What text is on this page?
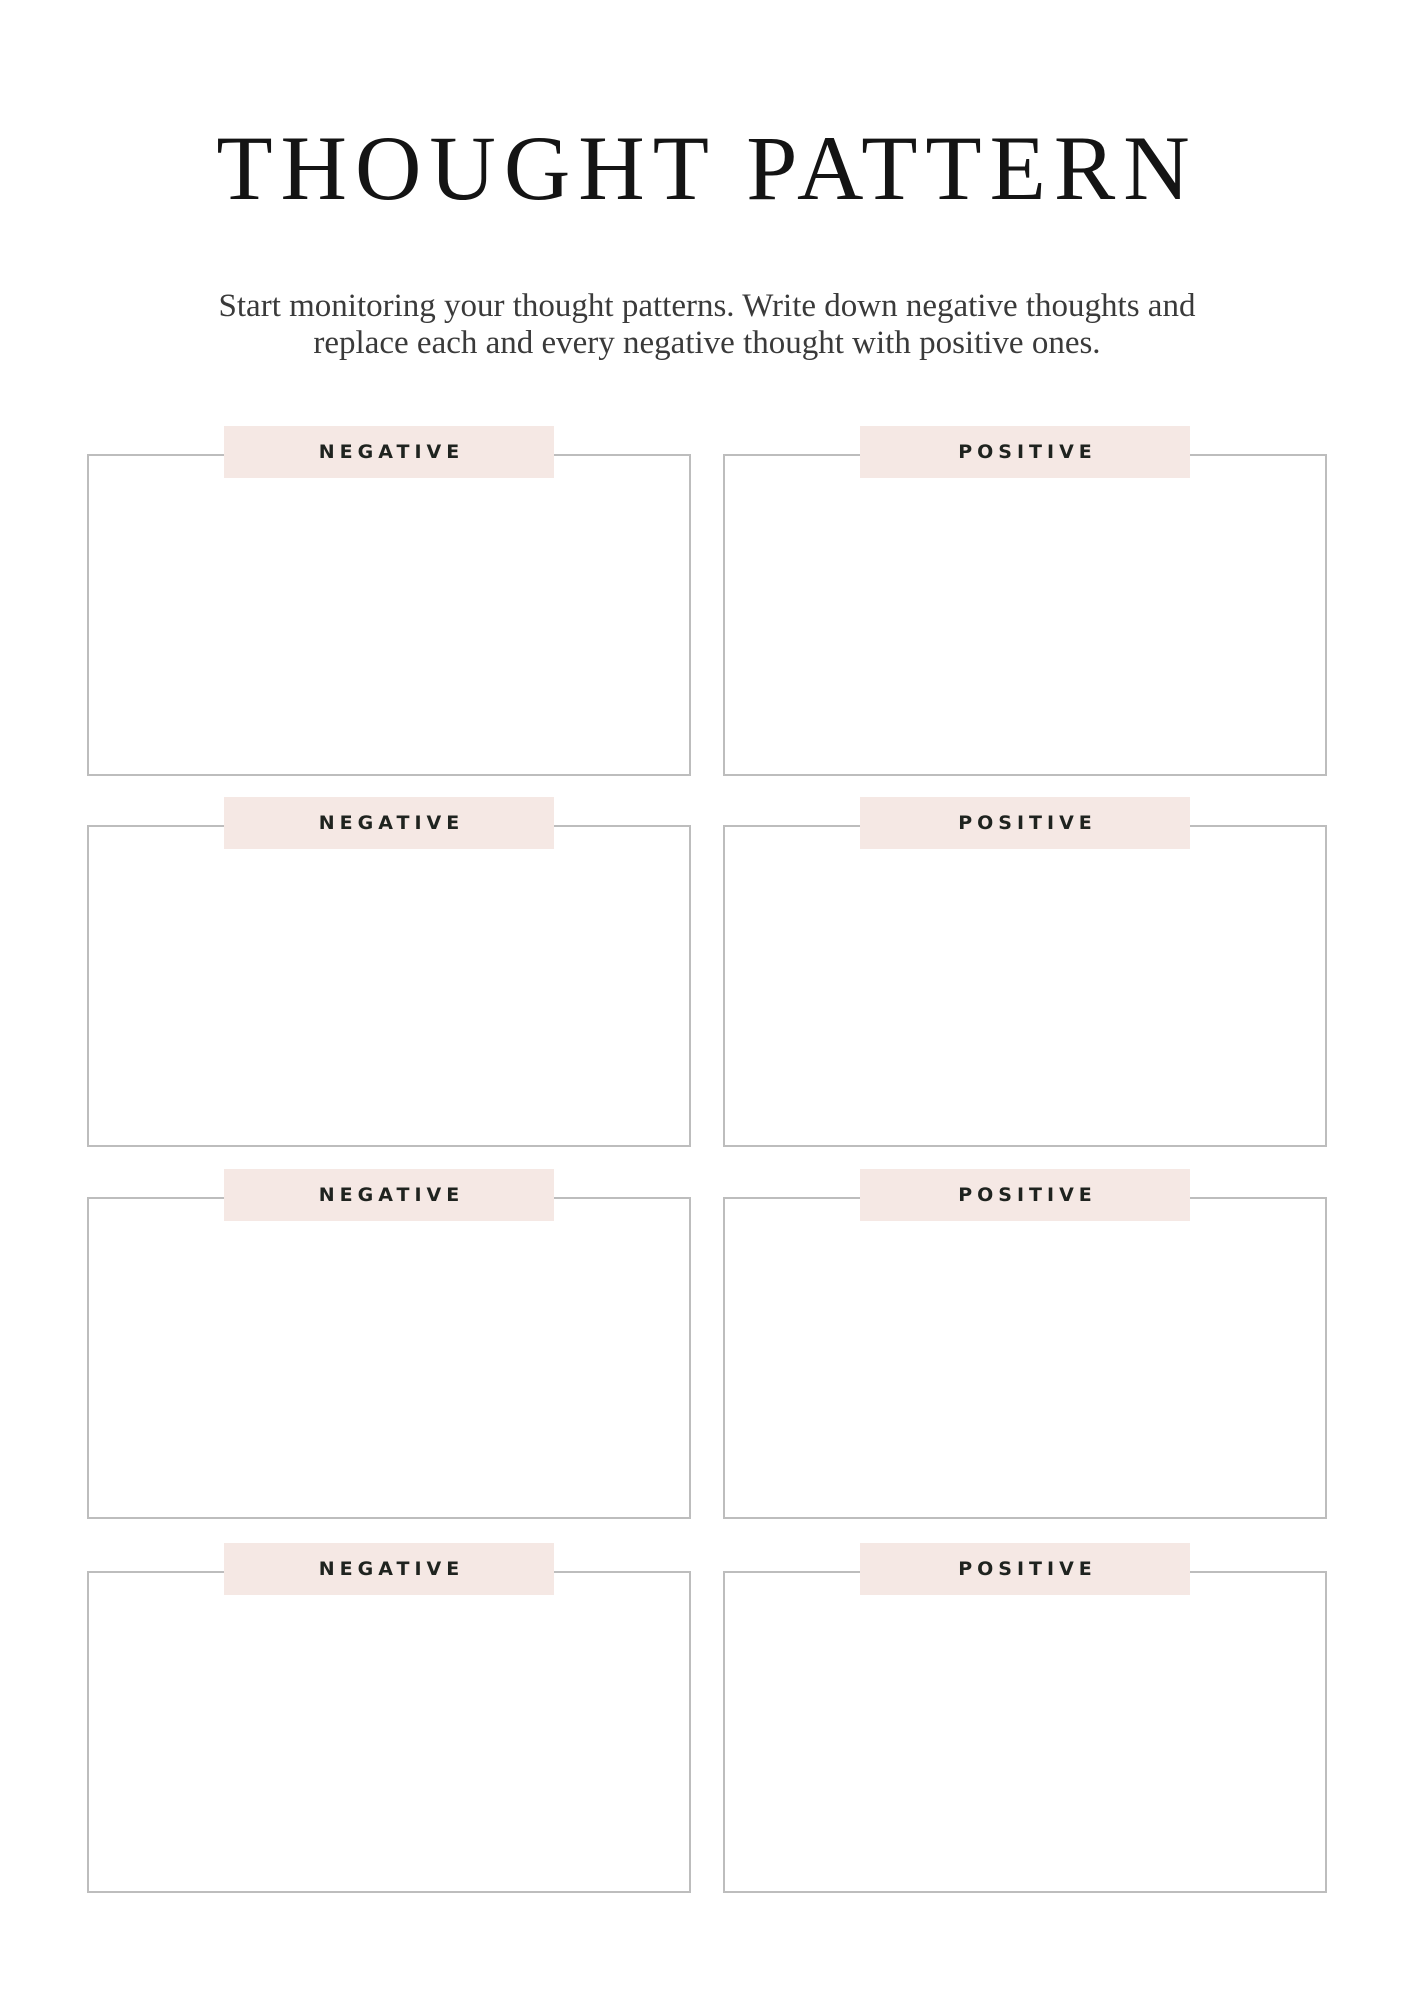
THOUGHT PATTERN

Start monitoring your thought patterns. Write down negative thoughts and
replace each and every negative thought with positive ones.

NEGATIVE	POSITIVE
NEGATIVE	POSITIVE
NEGATIVE	POSITIVE
NEGATIVE	POSITIVE
